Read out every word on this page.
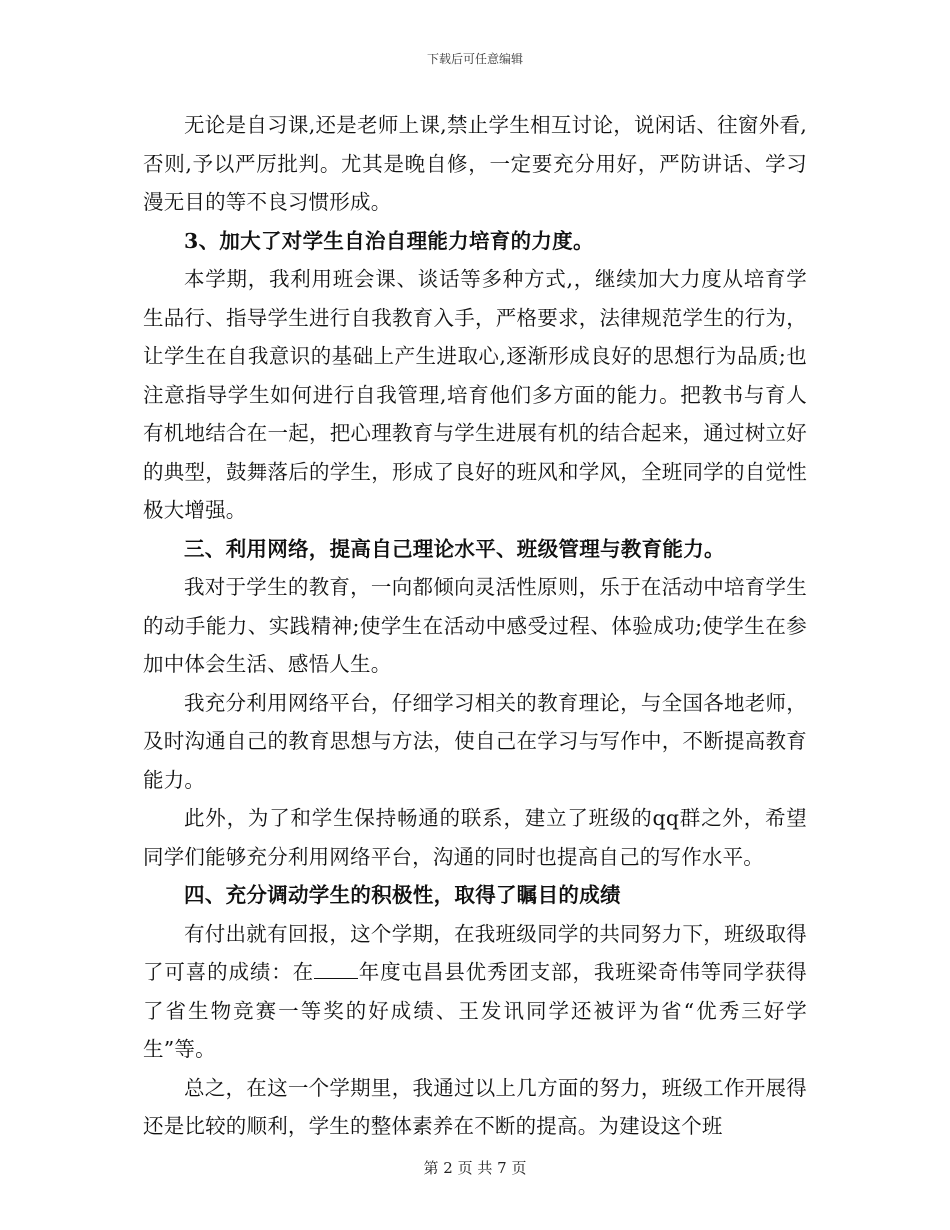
下载后可任意编辑

无论是自习课,还是老师上课,禁止学生相互讨论，说闲话、往窗外看,否则,予以严厉批判。尤其是晚自修，一定要充分用好，严防讲话、学习漫无目的等不良习惯形成。

3、加大了对学生自治自理能力培育的力度。

本学期，我利用班会课、谈话等多种方式,，继续加大力度从培育学生品行、指导学生进行自我教育入手，严格要求，法律规范学生的行为，让学生在自我意识的基础上产生进取心,逐渐形成良好的思想行为品质;也注意指导学生如何进行自我管理,培育他们多方面的能力。把教书与育人有机地结合在一起，把心理教育与学生进展有机的结合起来，通过树立好的典型，鼓舞落后的学生，形成了良好的班风和学风，全班同学的自觉性极大增强。

三、利用网络，提高自己理论水平、班级管理与教育能力。

我对于学生的教育，一向都倾向灵活性原则，乐于在活动中培育学生的动手能力、实践精神;使学生在活动中感受过程、体验成功;使学生在参加中体会生活、感悟人生。

我充分利用网络平台，仔细学习相关的教育理论，与全国各地老师，及时沟通自己的教育思想与方法，使自己在学习与写作中，不断提高教育能力。

此外，为了和学生保持畅通的联系，建立了班级的qq群之外，希望同学们能够充分利用网络平台，沟通的同时也提高自己的写作水平。

四、充分调动学生的积极性，取得了瞩目的成绩

有付出就有回报，这个学期，在我班级同学的共同努力下，班级取得了可喜的成绩：在 年度屯昌县优秀团支部，我班梁奇伟等同学获得了省生物竞赛一等奖的好成绩、王发讯同学还被评为省“优秀三好学生”等。

总之，在这一个学期里，我通过以上几方面的努力，班级工作开展得还是比较的顺利，学生的整体素养在不断的提高。为建设这个班

第 2 页 共 7 页
